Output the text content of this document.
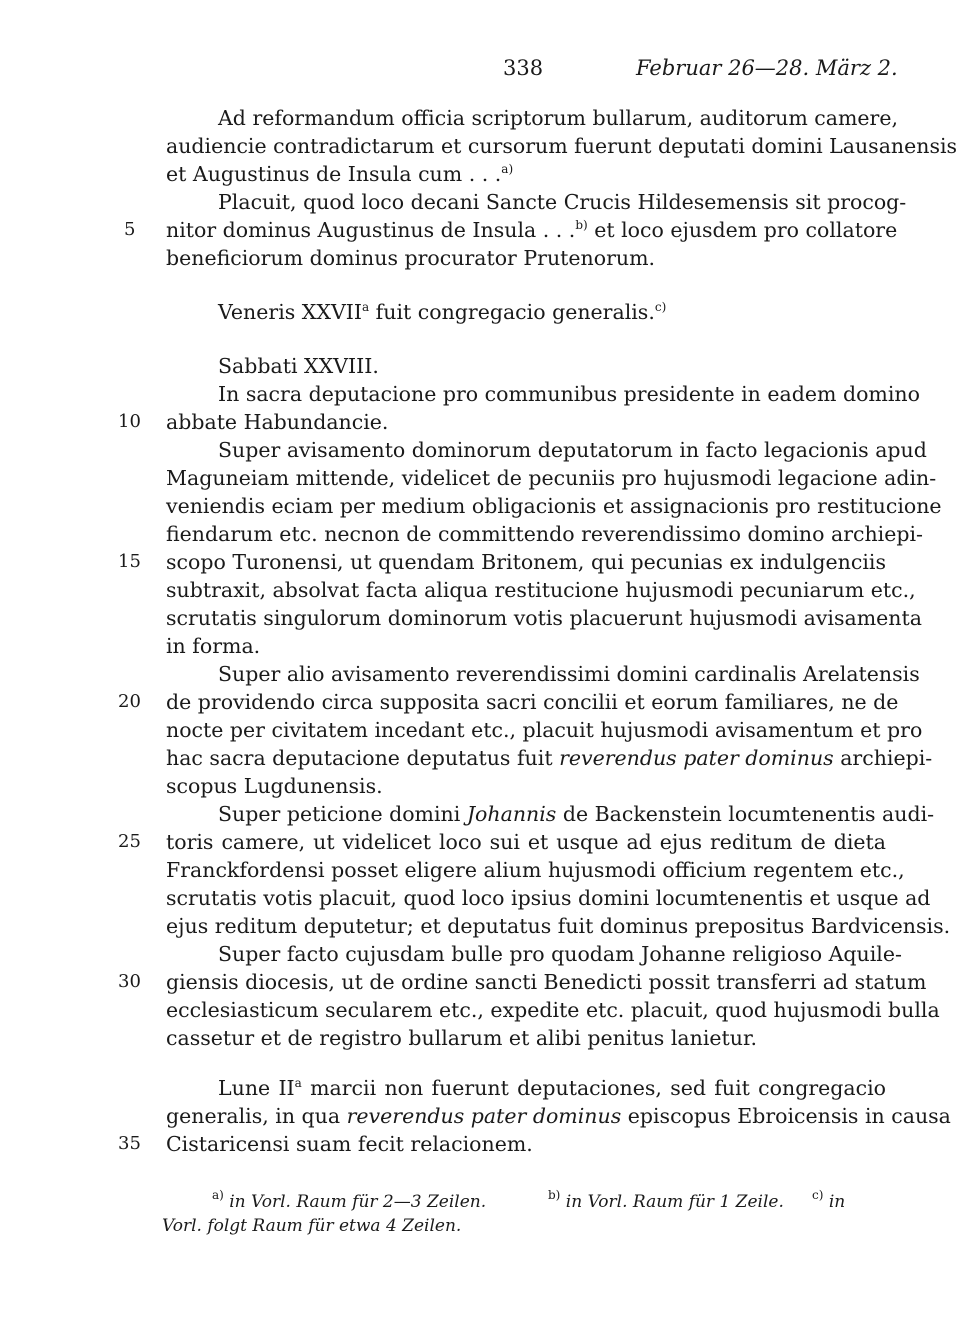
338	Februar 26—28. März 2.
Ad reformandum officia scriptorum bullarum, auditorum camere,
audiencie contradictarum et cursorum fuerunt deputati domini Lausanensis
et Augustinus de Insula cum . . .$^{a)}$
Placuit, quod loco decani Sancte Crucis Hildesemensis sit procog-
nitor dominus Augustinus de Insula . . .$^{b)}$ et loco ejusdem pro collatore
beneficiorum dominus procurator Prutenorum.
Veneris XXVII$^a$ fuit congregacio generalis.$^{c)}$
Sabbati XXVIII.
In sacra deputacione pro communibus presidente in eadem domino
abbate Habundancie.
Super avisamento dominorum deputatorum in facto legacionis apud
Maguneiam mittende, videlicet de pecuniis pro hujusmodi legacione adin-
veniendis eciam per medium obligacionis et assignacionis pro restitucione
fiendarum etc. necnon de committendo reverendissimo domino archiepi-
scopo Turonensi, ut quendam Britonem, qui pecunias ex indulgenciis
subtraxit, absolvat facta aliqua restitucione hujusmodi pecuniarum etc.,
scrutatis singulorum dominorum votis placuerunt hujusmodi avisamenta
in forma.
Super alio avisamento reverendissimi domini cardinalis Arelatensis
de providendo circa supposita sacri concilii et eorum familiares, ne de
nocte per civitatem incedant etc., placuit hujusmodi avisamentum et pro
hac sacra deputacione deputatus fuit reverendus pater dominus archiepi-
scopus Lugdunensis.
Super peticione domini Johannis de Backenstein locumtenentis audi-
toris camere, ut videlicet loco sui et usque ad ejus reditum de dieta
Franckfordensi posset eligere alium hujusmodi officium regentem etc.,
scrutatis votis placuit, quod loco ipsius domini locumtenentis et usque ad
ejus reditum deputetur; et deputatus fuit dominus prepositus Bardvicensis.
Super facto cujusdam bulle pro quodam Johanne religioso Aquile-
giensis diocesis, ut de ordine sancti Benedicti possit transferri ad statum
ecclesiasticum secularem etc., expedite etc. placuit, quod hujusmodi bulla
cassetur et de registro bullarum et alibi penitus lanietur.
Lune $II^a$ marcii non fuerunt deputaciones, sed fuit congregacio
generalis, in qua reverendus pater dominus episcopus Ebroicensis in causa
Cistaricensi suam fecit relacionem.
5
10
15
20
25
30
35
$^{a)}$ in Vorl. Raum für 2—3 Zeilen.	$^{b)}$ in Vorl. Raum für 1 Zeile. $^{c)}$ in
Vorl. folgt Raum für etwa 4 Zeilen.
